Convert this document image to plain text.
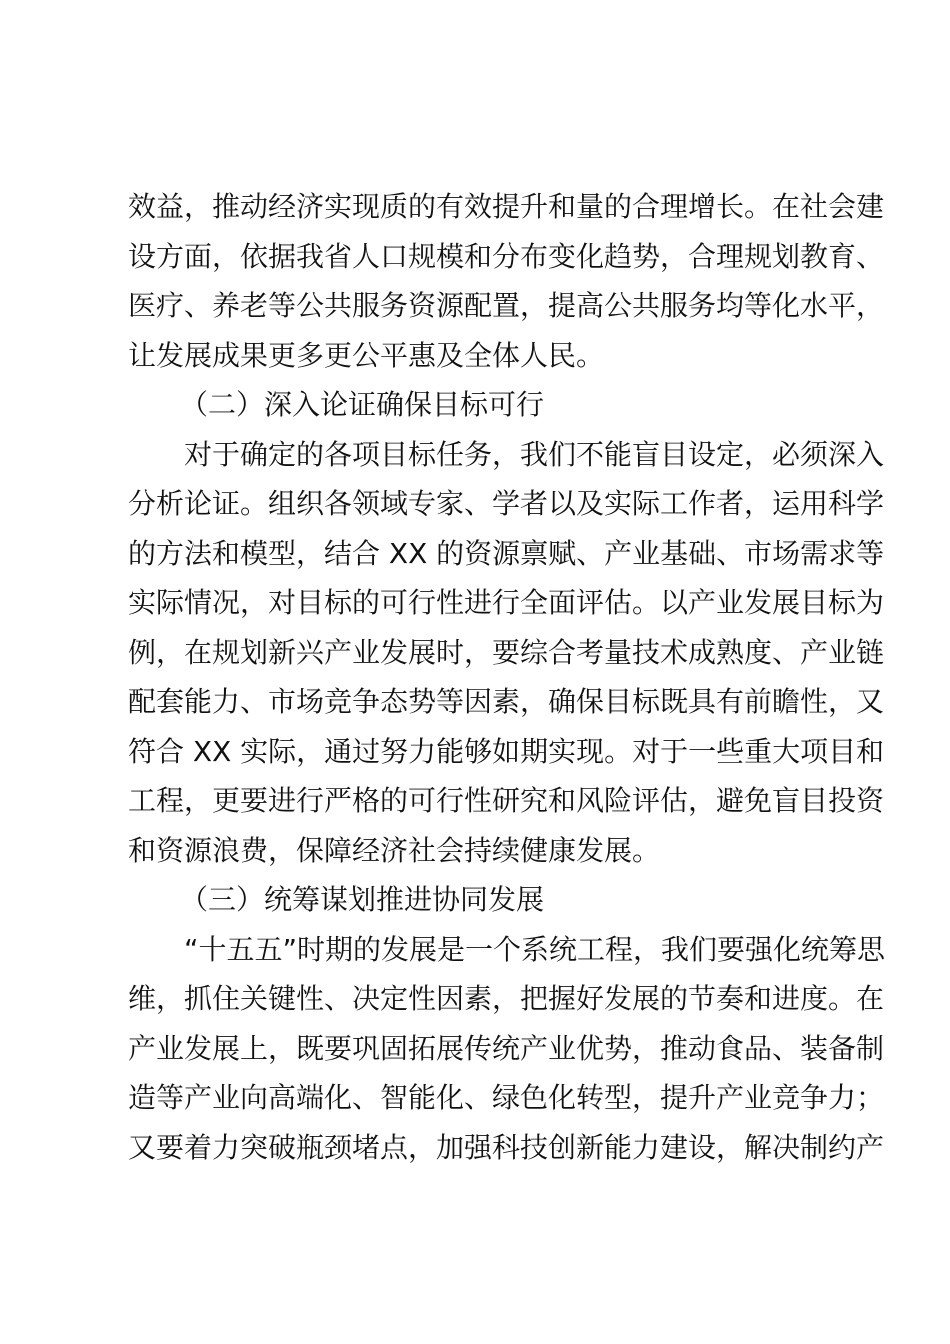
效益，推动经济实现质的有效提升和量的合理增长。在社会建
设方面，依据我省人口规模和分布变化趋势，合理规划教育、
医疗、养老等公共服务资源配置，提高公共服务均等化水平，
让发展成果更多更公平惠及全体人民。
（二）深入论证确保目标可行
对于确定的各项目标任务，我们不能盲目设定，必须深入
分析论证。组织各领域专家、学者以及实际工作者，运用科学
的方法和模型，结合 XX 的资源禀赋、产业基础、市场需求等
实际情况，对目标的可行性进行全面评估。以产业发展目标为
例，在规划新兴产业发展时，要综合考量技术成熟度、产业链
配套能力、市场竞争态势等因素，确保目标既具有前瞻性，又
符合 XX 实际，通过努力能够如期实现。对于一些重大项目和
工程，更要进行严格的可行性研究和风险评估，避免盲目投资
和资源浪费，保障经济社会持续健康发展。
（三）统筹谋划推进协同发展
“十五五”时期的发展是一个系统工程，我们要强化统筹思
维，抓住关键性、决定性因素，把握好发展的节奏和进度。在
产业发展上，既要巩固拓展传统产业优势，推动食品、装备制
造等产业向高端化、智能化、绿色化转型，提升产业竞争力；
又要着力突破瓶颈堵点，加强科技创新能力建设，解决制约产
